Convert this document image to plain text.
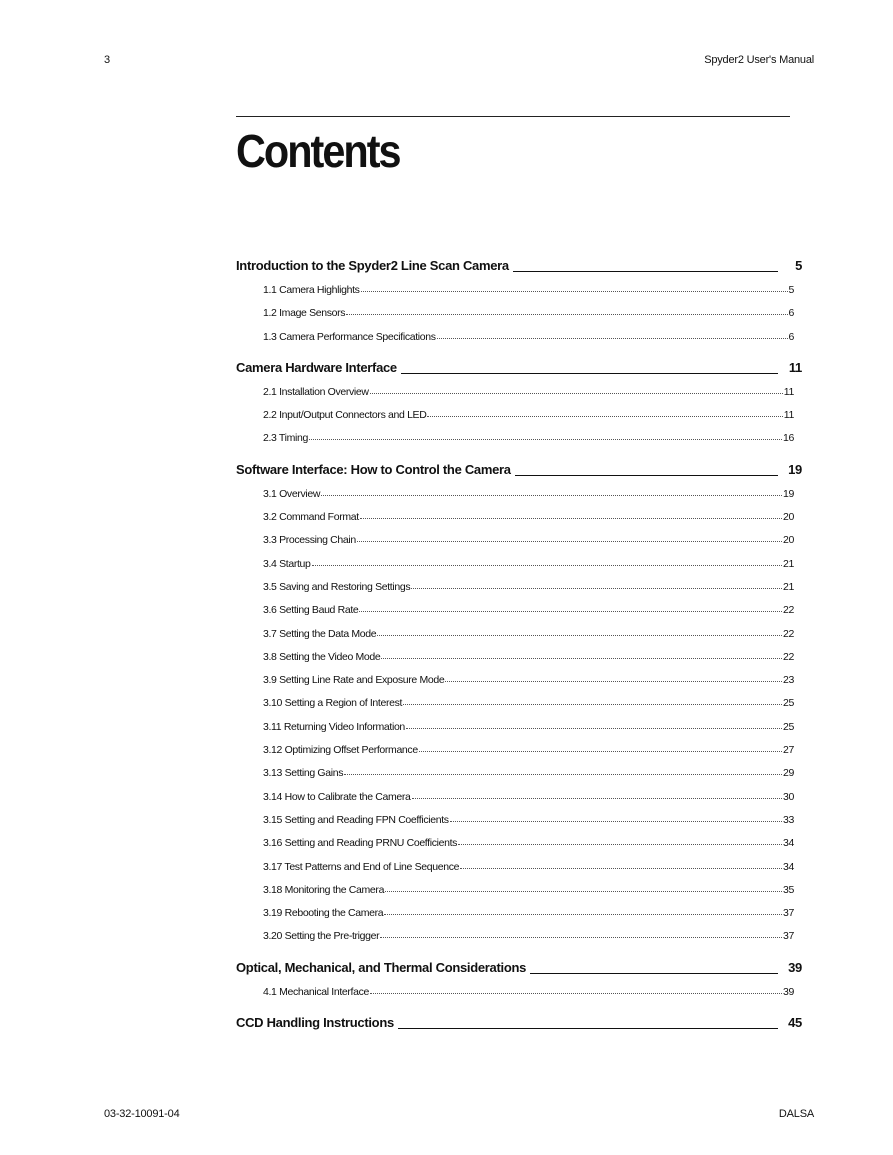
3	Spyder2 User's Manual
Contents
Introduction to the Spyder2 Line Scan Camera	5
1.1 Camera Highlights	5
1.2 Image Sensors	6
1.3 Camera Performance Specifications	6
Camera Hardware Interface	11
2.1 Installation Overview	11
2.2 Input/Output Connectors and LED	11
2.3 Timing	16
Software Interface: How to Control the Camera	19
3.1 Overview	19
3.2 Command Format	20
3.3 Processing Chain	20
3.4 Startup	21
3.5 Saving and Restoring Settings	21
3.6 Setting Baud Rate	22
3.7 Setting the Data Mode	22
3.8 Setting the Video Mode	22
3.9 Setting Line Rate and Exposure Mode	23
3.10 Setting a Region of Interest	25
3.11 Returning Video Information	25
3.12 Optimizing Offset Performance	27
3.13 Setting Gains	29
3.14 How to Calibrate the Camera	30
3.15 Setting and Reading FPN Coefficients	33
3.16 Setting and Reading PRNU Coefficients	34
3.17 Test Patterns and End of Line Sequence	34
3.18 Monitoring the Camera	35
3.19 Rebooting the Camera	37
3.20 Setting the Pre-trigger	37
Optical, Mechanical, and Thermal Considerations	39
4.1 Mechanical Interface	39
CCD Handling Instructions	45
03-32-10091-04	DALSA
